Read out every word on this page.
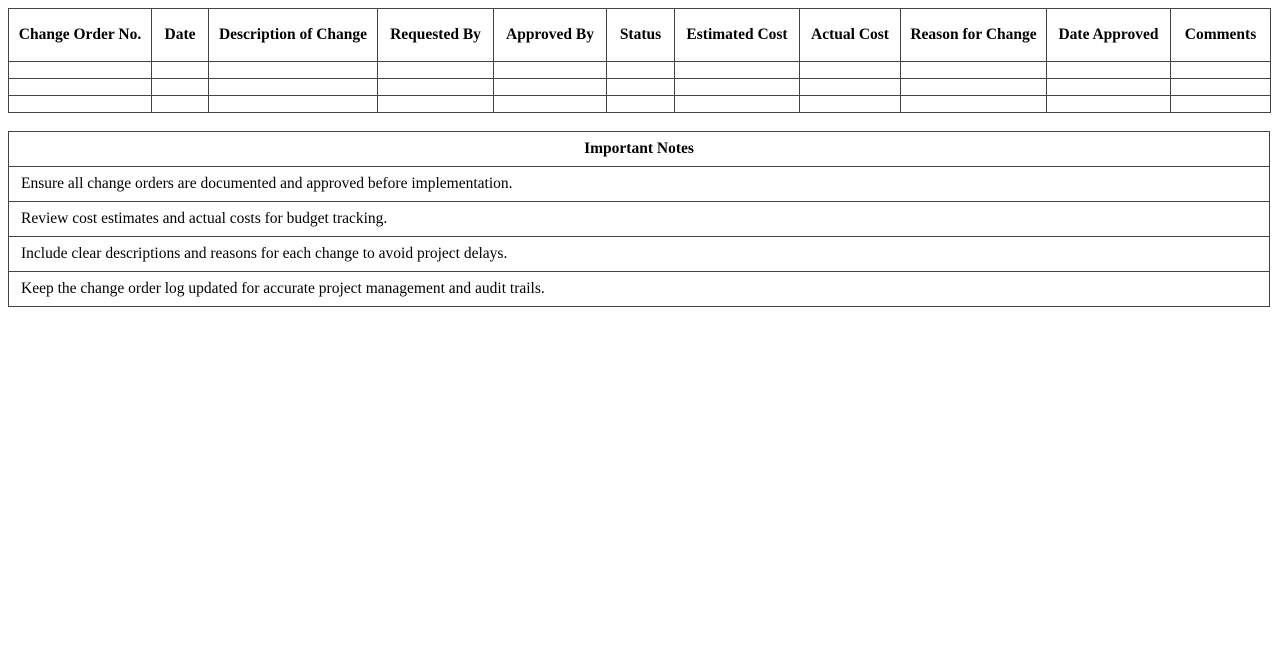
Change Order No.	Date	Description of Change	Requested By	Approved By	Status	Estimated Cost	Actual Cost	Reason for Change	Date Approved	Comments

Important Notes
Ensure all change orders are documented and approved before implementation.
Review cost estimates and actual costs for budget tracking.
Include clear descriptions and reasons for each change to avoid project delays.
Keep the change order log updated for accurate project management and audit trails.
